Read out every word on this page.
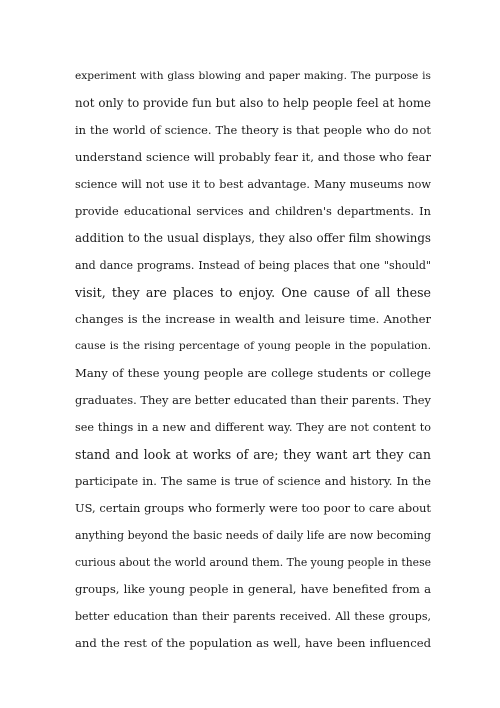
experiment with glass blowing and paper making. The purpose is
not only to provide fun but also to help people feel at home
in the world of science. The theory is that people who do not
understand science will probably fear it, and those who fear
science will not use it to best advantage. Many museums now
provide educational services and children's departments. In
addition to the usual displays, they also offer film showings
and dance programs. Instead of being places that one "should"
visit, they are places to enjoy. One cause of all these
changes is the increase in wealth and leisure time. Another
cause is the rising percentage of young people in the population.
Many of these young people are college students or college
graduates. They are better educated than their parents. They
see things in a new and different way. They are not content to
stand and look at works of are; they want art they can
participate in. The same is true of science and history. In the
US, certain groups who formerly were too poor to care about
anything beyond the basic needs of daily life are now becoming
curious about the world around them. The young people in these
groups, like young people in general, have benefited from a
better education than their parents received. All these groups,
and the rest of the population as well, have been influenced
